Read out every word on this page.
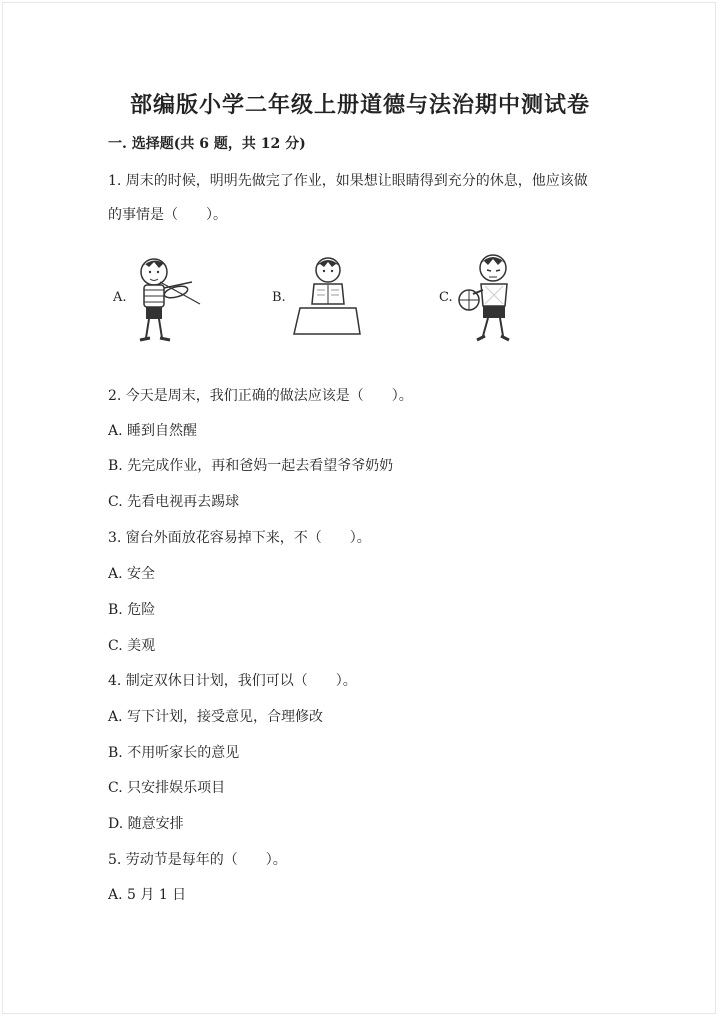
部编版小学二年级上册道德与法治期中测试卷
一. 选择题(共 6 题，共 12 分)
1. 周末的时候，明明先做完了作业，如果想让眼睛得到充分的休息，他应该做
的事情是（　　）。
A.	B.	C.
2. 今天是周末，我们正确的做法应该是（　　）。
A. 睡到自然醒
B. 先完成作业，再和爸妈一起去看望爷爷奶奶
C. 先看电视再去踢球
3. 窗台外面放花容易掉下来，不（　　）。
A. 安全
B. 危险
C. 美观
4. 制定双休日计划，我们可以（　　）。
A. 写下计划，接受意见，合理修改
B. 不用听家长的意见
C. 只安排娱乐项目
D. 随意安排
5. 劳动节是每年的（　　）。
A. 5 月 1 日
